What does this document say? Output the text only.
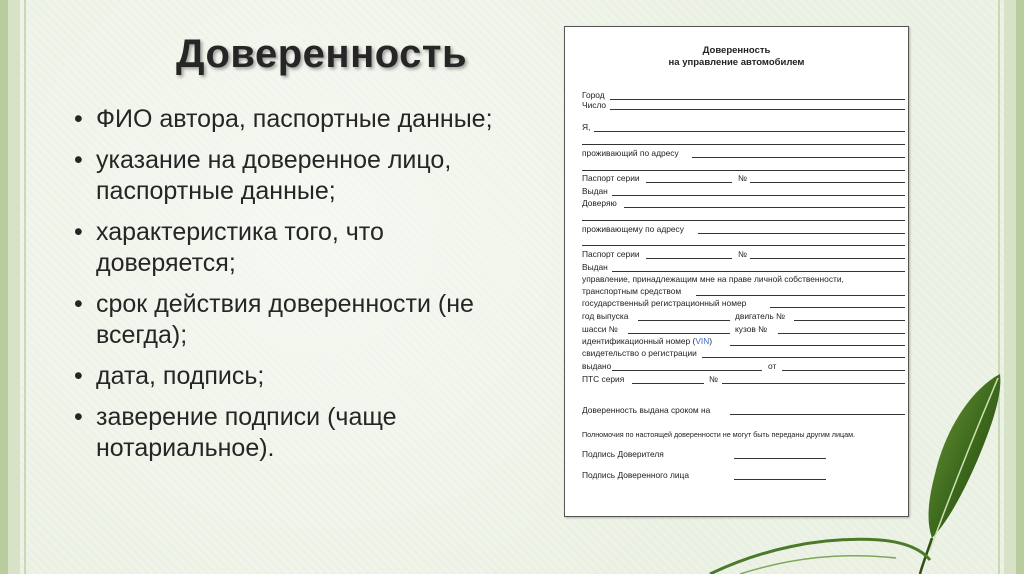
Доверенность
• ФИО автора, паспортные данные;
• указание на доверенное лицо, паспортные данные;
• характеристика того, что доверяется;
• срок действия доверенности (не всегда);
• дата, подпись;
• заверение подписи (чаще нотариальное).
Доверенность
на управление автомобилем
Город
Число
Я,
проживающий по адресу
Паспорт серии	№
Выдан
Доверяю
проживающему по адресу
Паспорт серии	№
Выдан
управление, принадлежащим мне на праве личной собственности,
транспортным средством
государственный регистрационный номер
год выпуска	двигатель №
шасси №	кузов №
идентификационный номер (VIN)
свидетельство о регистрации
выдано	от
ПТС серия	№
Доверенность выдана сроком на
Полномочия по настоящей доверенности не могут быть переданы другим лицам.
Подпись Доверителя
Подпись Доверенного лица
